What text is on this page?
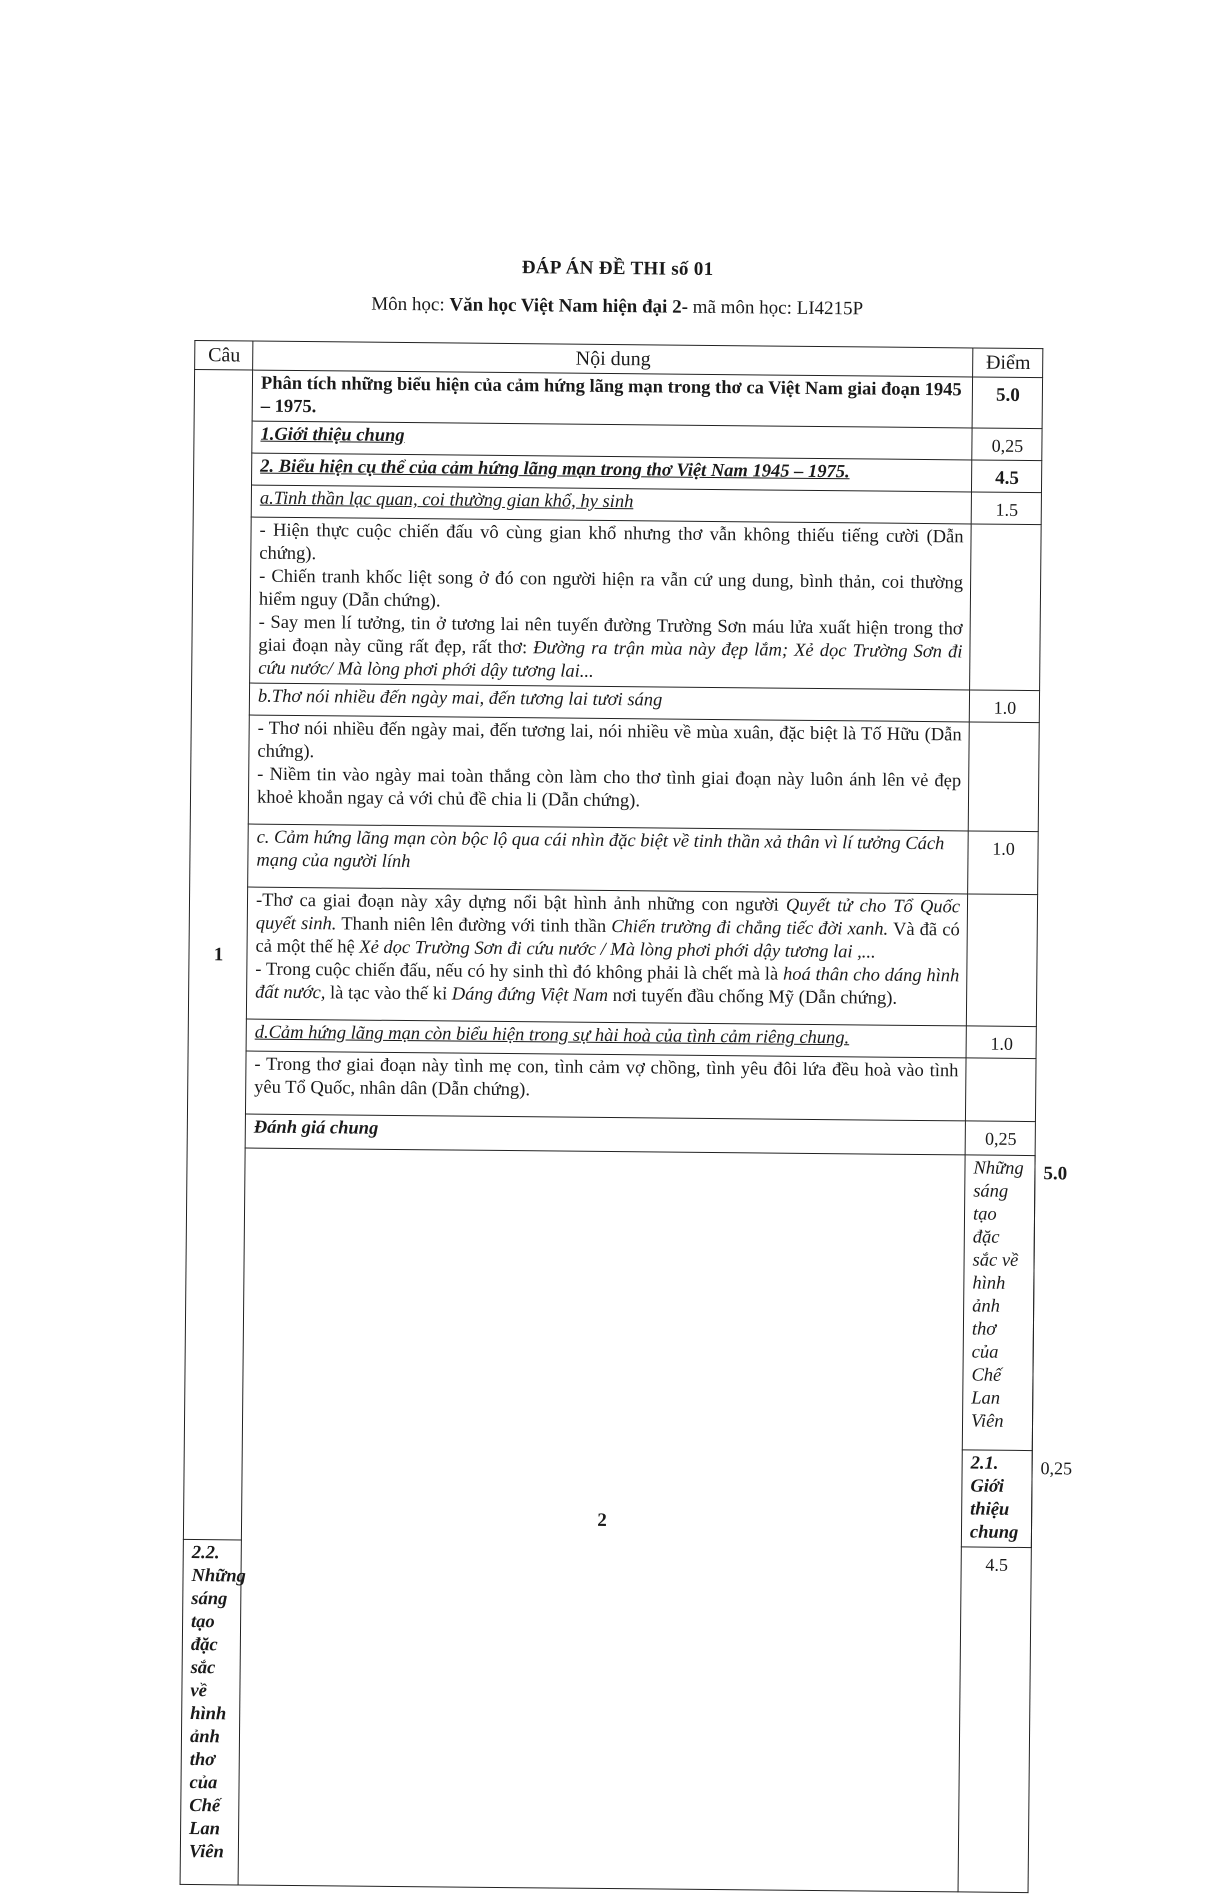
ĐÁP ÁN ĐỀ THI số 01
Môn học: Văn học Việt Nam hiện đại 2- mã môn học: LI4215P
Câu	Nội dung	Điểm	
1	Phân tích những biểu hiện của cảm hứng lãng mạn trong thơ ca Việt Nam giai đoạn 1945 – 1975.	5.0	
	1.Giới thiệu chung	0,25	
	2. Biểu hiện cụ thể của cảm hứng lãng mạn trong thơ Việt Nam 1945 – 1975.	4.5	
	a.Tinh thần lạc quan, coi thường gian khổ, hy sinh	1.5	

	- Hiện thực cuộc chiến đấu vô cùng gian khổ nhưng thơ vẫn không thiếu tiếng cười (Dẫn chứng).

- Chiến tranh khốc liệt song ở đó con người hiện ra vẫn cứ ung dung, bình thản, coi thường hiểm nguy (Dẫn chứng).

- Say men lí tưởng, tin ở tương lai nên tuyến đường Trường Sơn máu lửa xuất hiện trong thơ giai đoạn này cũng rất đẹp, rất thơ: Đường ra trận mùa này đẹp lắm; Xẻ dọc Trường Sơn đi cứu nước/ Mà lòng phơi phới dậy tương lai...		

	b.Thơ nói nhiều đến ngày mai, đến tương lai tươi sáng	1.0	

	- Thơ nói nhiều đến ngày mai, đến tương lai, nói nhiều về mùa xuân, đặc biệt là Tố Hữu (Dẫn chứng).

- Niềm tin vào ngày mai toàn thắng còn làm cho thơ tình giai đoạn này luôn ánh lên vẻ đẹp khoẻ khoắn ngay cả với chủ đề chia li (Dẫn chứng).		

	c. Cảm hứng lãng mạn còn bộc lộ qua cái nhìn đặc biệt về tinh thần xả thân vì lí tưởng Cách mạng của người lính	1.0	

	-Thơ ca giai đoạn này xây dựng nổi bật hình ảnh những con người Quyết tử cho Tổ Quốc quyết sinh. Thanh niên lên đường với tinh thần Chiến trường đi chẳng tiếc đời xanh. Và đã có cả một thế hệ Xẻ dọc Trường Sơn đi cứu nước / Mà lòng phơi phới dậy tương lai ,...

- Trong cuộc chiến đấu, nếu có hy sinh thì đó không phải là chết mà là hoá thân cho dáng hình đất nước, là tạc vào thế kỉ Dáng đứng Việt Nam nơi tuyến đầu chống Mỹ (Dẫn chứng).		

	d.Cảm hứng lãng mạn còn biểu hiện trong sự hài hoà của tình cảm riêng chung.	1.0	

	- Trong thơ giai đoạn này tình mẹ con, tình cảm vợ chồng, tình yêu đôi lứa đều hoà vào tình yêu Tổ Quốc, nhân dân (Dẫn chứng).		

	Đánh giá chung	0,25	
	2	Những sáng tạo đặc sắc về hình ảnh thơ của Chế Lan Viên	5.0
		2.1. Giới thiệu chung	0,25
2.2. Những sáng tạo đặc sắc về hình ảnh thơ của Chế Lan Viên		4.5	
